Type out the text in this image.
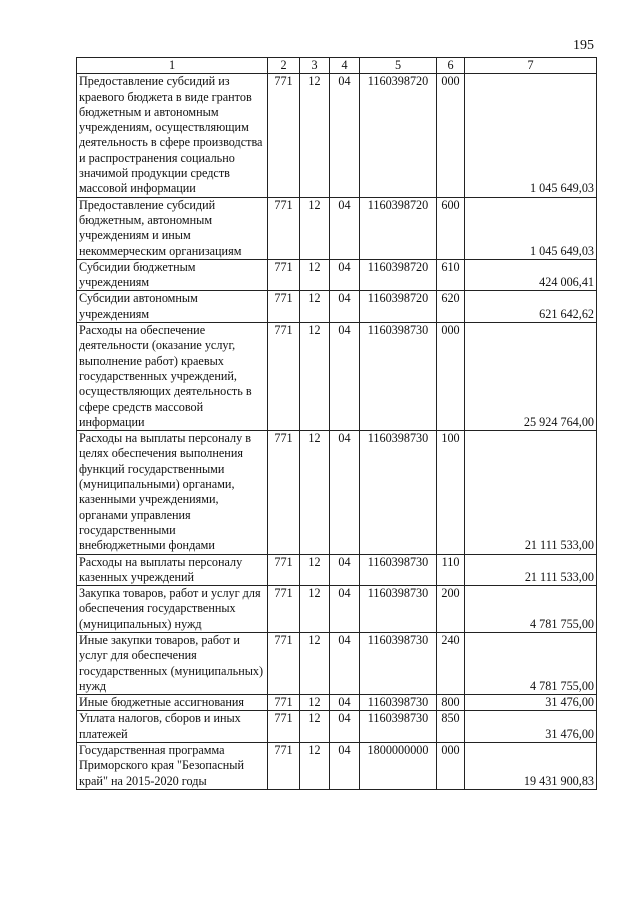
195
1	2	3	4	5	6	7
Предоставление субсидий из краевого бюджета в виде грантов бюджетным и автономным учреждениям, осуществляющим деятельность в сфере производства и распространения социально значимой продукции средств массовой информации	771	12	04	1160398720	000	1 045 649,03
Предоставление субсидий бюджетным, автономным учреждениям и иным некоммерческим организациям	771	12	04	1160398720	600	1 045 649,03
Субсидии бюджетным учреждениям	771	12	04	1160398720	610	424 006,41
Субсидии автономным учреждениям	771	12	04	1160398720	620	621 642,62
Расходы на обеспечение деятельности (оказание услуг, выполнение работ) краевых государственных учреждений, осуществляющих деятельность в сфере средств массовой информации	771	12	04	1160398730	000	25 924 764,00
Расходы на выплаты персоналу в целях обеспечения выполнения функций государственными (муниципальными) органами, казенными учреждениями, органами управления государственными внебюджетными фондами	771	12	04	1160398730	100	21 111 533,00
Расходы на выплаты персоналу казенных учреждений	771	12	04	1160398730	110	21 111 533,00
Закупка товаров, работ и услуг для обеспечения государственных (муниципальных) нужд	771	12	04	1160398730	200	4 781 755,00
Иные закупки товаров, работ и услуг для обеспечения государственных (муниципальных) нужд	771	12	04	1160398730	240	4 781 755,00
Иные бюджетные ассигнования	771	12	04	1160398730	800	31 476,00
Уплата налогов, сборов и иных платежей	771	12	04	1160398730	850	31 476,00
Государственная программа Приморского края "Безопасный край" на 2015-2020 годы	771	12	04	1800000000	000	19 431 900,83
